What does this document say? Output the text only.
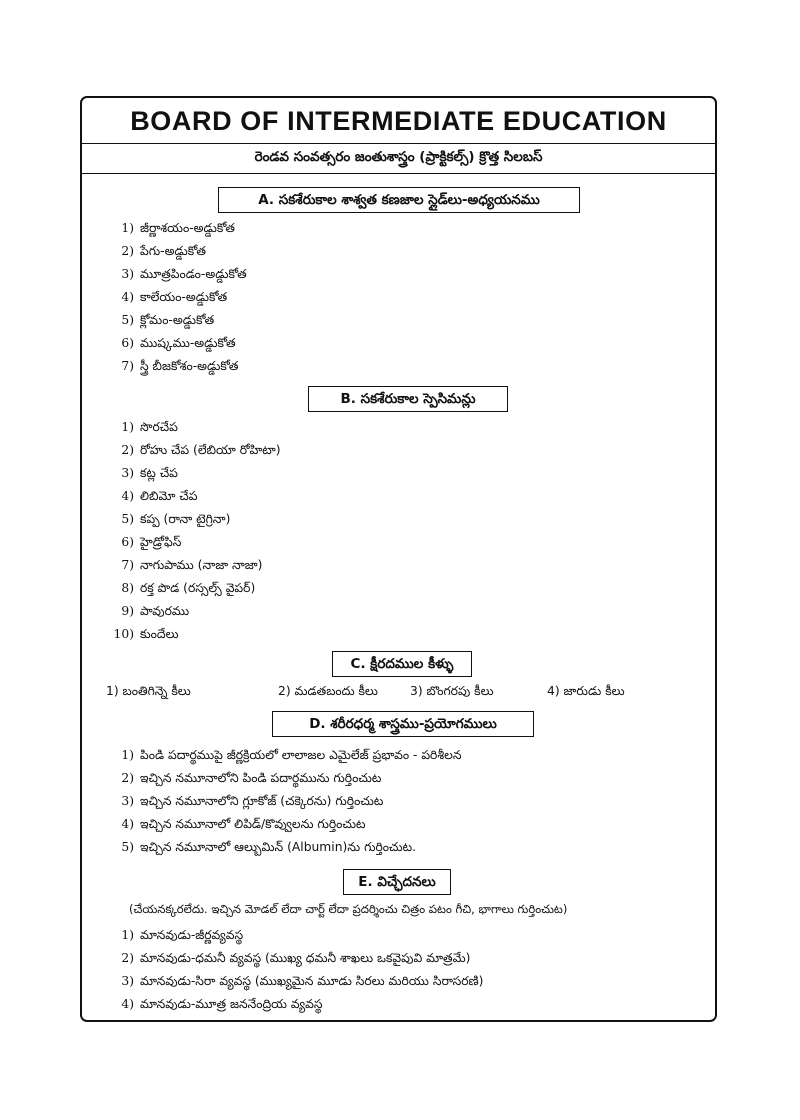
BOARD OF INTERMEDIATE EDUCATION
రెండవ సంవత్సరం జంతుశాస్త్రం (ప్రాక్టికల్స్) క్రొత్త సిలబస్
A. సకశేరుకాల శాశ్వత కణజాల స్లైడ్‌లు-అధ్యయనము
1) జీర్ణాశయం-అడ్డుకోత
2) పేగు-అడ్డుకోత
3) మూత్రపిండం-అడ్డుకోత
4) కాలేయం-అడ్డుకోత
5) క్లోమం-అడ్డుకోత
6) ముష్కము-అడ్డుకోత
7) స్త్రీ బీజకోశం-అడ్డుకోత
B. సకశేరుకాల స్పెసిమన్లు
1) సొరచేప
2) రోహు చేప (లేబియా రోహిటా)
3) కట్ల చేప
4) లిబిమో చేప
5) కప్ప (రానా టైగ్రినా)
6) హైడ్రోఫిస్
7) నాగుపాము (నాజా నాజా)
8) రక్త పొడ (రస్సల్స్ వైపర్)
9) పావురము
10) కుందేలు
C. క్షీరదముల కీళ్ళు
1) బంతిగిన్నె కీలు	2) మడతబందు కీలు	3) బొంగరపు కీలు	4) జారుడు కీలు
D. శరీరధర్మ శాస్త్రము-ప్రయోగములు
1) పిండి పదార్థముపై జీర్ణక్రియలో లాలాజల ఎమైలేజ్ ప్రభావం - పరిశీలన
2) ఇచ్చిన నమూనాలోని పిండి పదార్థమును గుర్తించుట
3) ఇచ్చిన నమూనాలోని గ్లూకోజ్ (చక్కెరను) గుర్తించుట
4) ఇచ్చిన నమూనాలో లిపిడ్/కొవ్వులను గుర్తించుట
5) ఇచ్చిన నమూనాలో ఆల్బుమిన్ (Albumin)ను గుర్తించుట.
E. విచ్ఛేదనలు
(చేయనక్కరలేదు. ఇచ్చిన మోడల్ లేదా చార్ట్ లేదా ప్రదర్శించు చిత్రం పటం గీచి, భాగాలు గుర్తించుట)
1) మానవుడు-జీర్ణవ్యవస్థ
2) మానవుడు-ధమనీ వ్యవస్థ (ముఖ్య ధమనీ శాఖలు ఒకవైపువి మాత్రమే)
3) మానవుడు-సిరా వ్యవస్థ (ముఖ్యమైన మూడు సిరలు మరియు సిరాసరణి)
4) మానవుడు-మూత్ర జననేంద్రియ వ్యవస్థ
